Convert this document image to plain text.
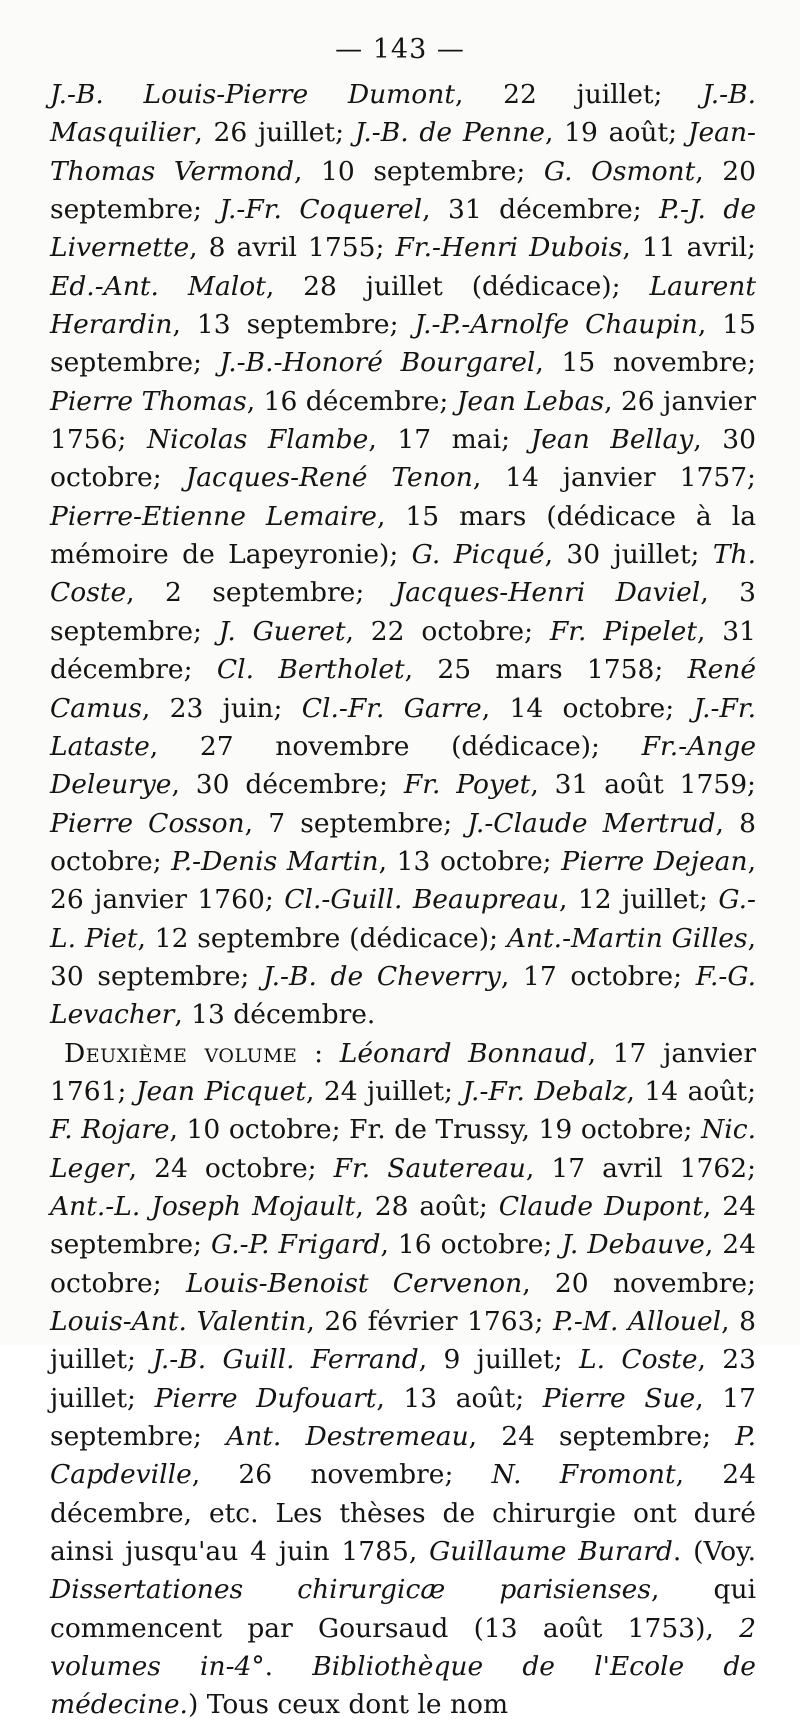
— 143 —

J.-B. Louis-Pierre Dumont, 22 juillet; J.-B. Masquilier, 26 juillet; J.-B. de Penne, 19 août; Jean-Thomas Vermond, 10 septembre; G. Osmont, 20 septembre; J.-Fr. Coquerel, 31 décembre; P.-J. de Livernette, 8 avril 1755; Fr.-Henri Dubois, 11 avril; Ed.-Ant. Malot, 28 juillet (dédicace); Laurent Herardin, 13 septembre; J.-P.-Arnolfe Chaupin, 15 septembre; J.-B.-Honoré Bourgarel, 15 novembre; Pierre Thomas, 16 décembre; Jean Lebas, 26 janvier 1756; Nicolas Flambe, 17 mai; Jean Bellay, 30 octobre; Jacques-René Tenon, 14 janvier 1757; Pierre-Etienne Lemaire, 15 mars (dédicace à la mémoire de Lapeyronie); G. Picqué, 30 juillet; Th. Coste, 2 septembre; Jacques-Henri Daviel, 3 septembre; J. Gueret, 22 octobre; Fr. Pipelet, 31 décembre; Cl. Bertholet, 25 mars 1758; René Camus, 23 juin; Cl.-Fr. Garre, 14 octobre; J.-Fr. Lataste, 27 novembre (dédicace); Fr.-Ange Deleurye, 30 décembre; Fr. Poyet, 31 août 1759; Pierre Cosson, 7 septembre; J.-Claude Mertrud, 8 octobre; P.-Denis Martin, 13 octobre; Pierre Dejean, 26 janvier 1760; Cl.-Guill. Beaupreau, 12 juillet; G.-L. Piet, 12 septembre (dédicace); Ant.-Martin Gilles, 30 septembre; J.-B. de Cheverry, 17 octobre; F.-G. Levacher, 13 décembre.

Deuxième volume : Léonard Bonnaud, 17 janvier 1761; Jean Picquet, 24 juillet; J.-Fr. Debalz, 14 août; F. Rojare, 10 octobre; Fr. de Trussy, 19 octobre; Nic. Leger, 24 octobre; Fr. Sautereau, 17 avril 1762; Ant.-L. Joseph Mojault, 28 août; Claude Dupont, 24 septembre; G.-P. Frigard, 16 octobre; J. Debauve, 24 octobre; Louis-Benoist Cervenon, 20 novembre; Louis-Ant. Valentin, 26 février 1763; P.-M. Allouel, 8 juillet; J.-B. Guill. Ferrand, 9 juillet; L. Coste, 23 juillet; Pierre Dufouart, 13 août; Pierre Sue, 17 septembre; Ant. Destremeau, 24 septembre; P. Capdeville, 26 novembre; N. Fromont, 24 décembre, etc. Les thèses de chirurgie ont duré ainsi jusqu'au 4 juin 1785, Guillaume Burard. (Voy. Dissertationes chirurgicæ parisienses, qui commencent par Goursaud (13 août 1753), 2 volumes in-4°. Bibliothèque de l'Ecole de médecine.) Tous ceux dont le nom
